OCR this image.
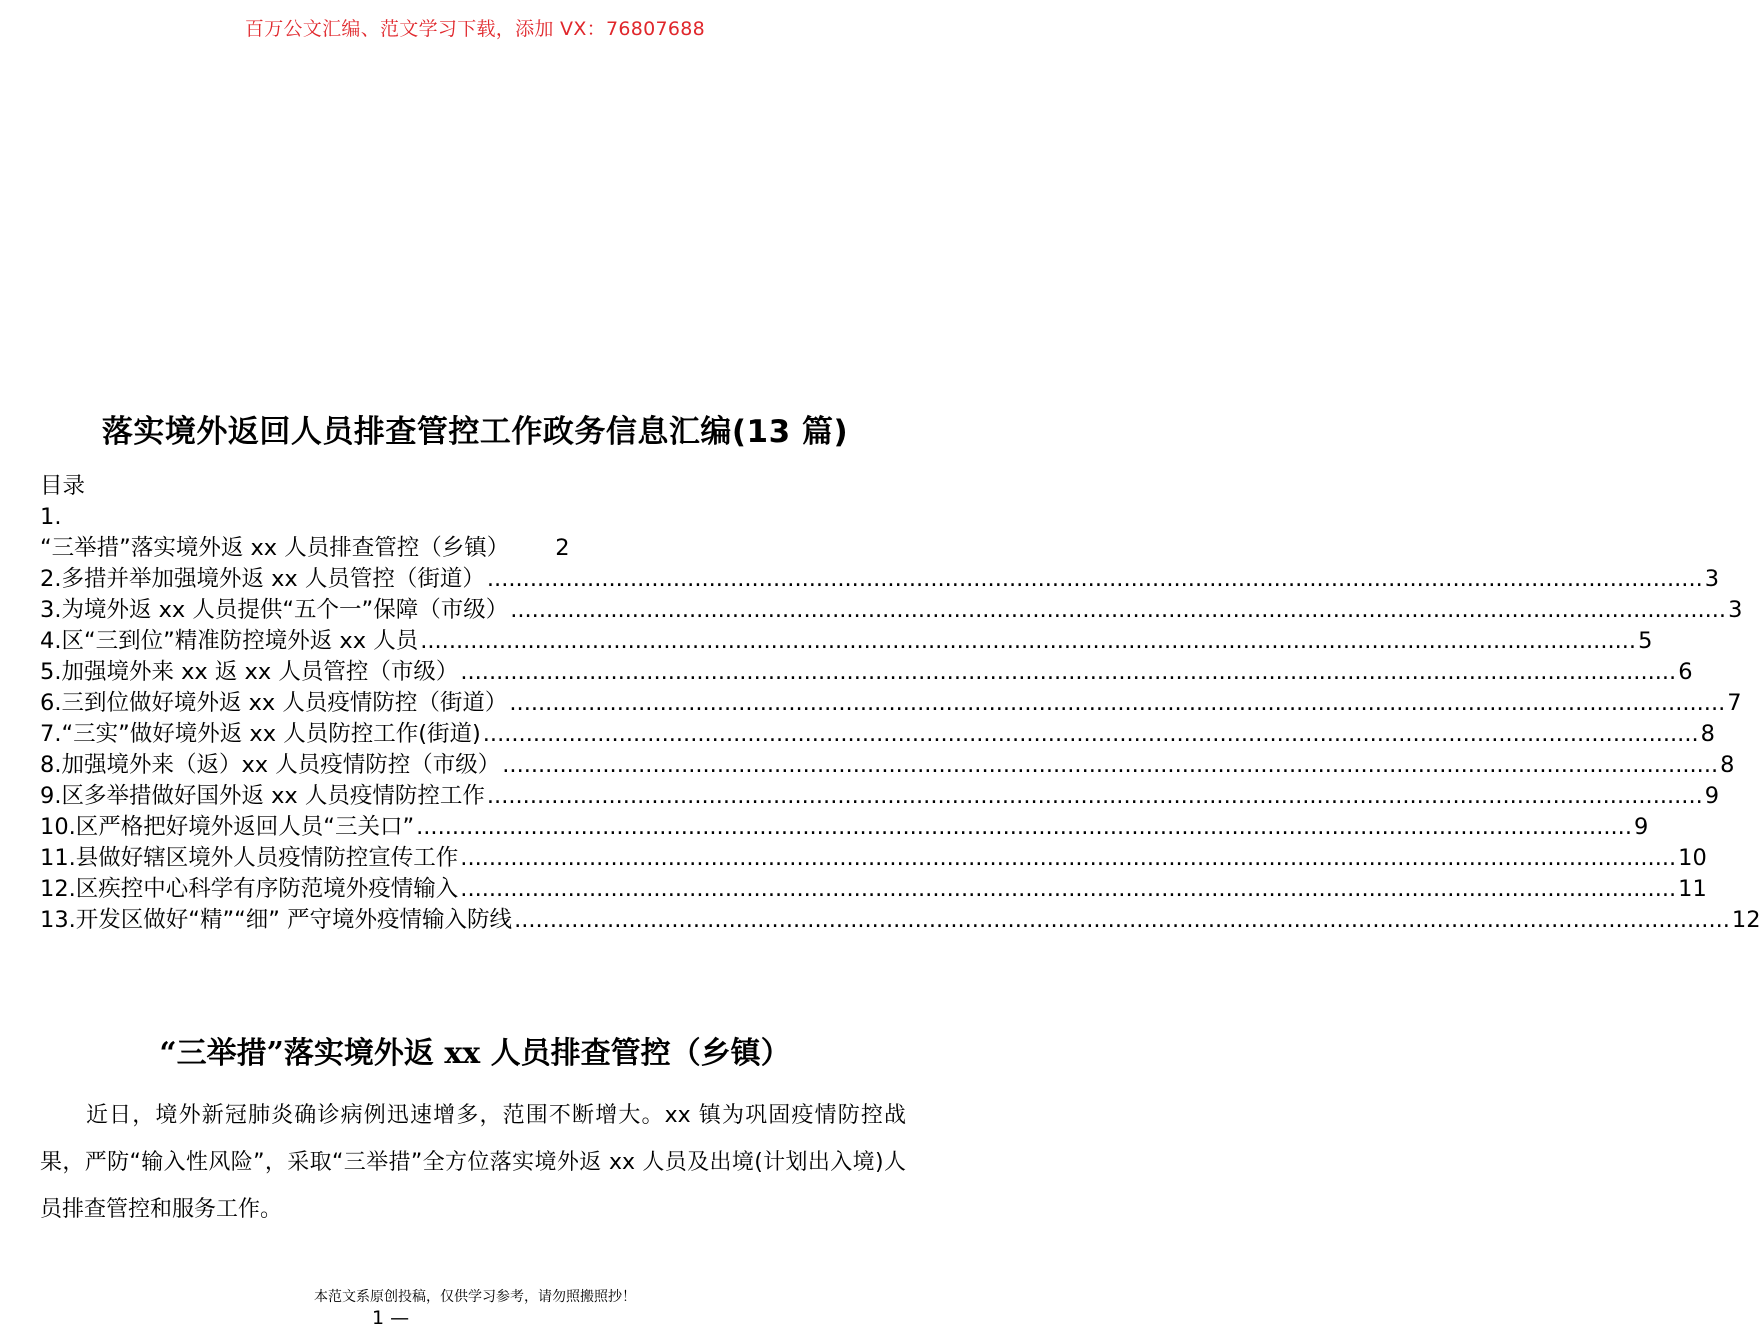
百万公文汇编、范文学习下载，添加 VX：76807688
落实境外返回人员排查管控工作政务信息汇编(13 篇)
目录
1.
“三举措”落实境外返 xx 人员排查管控（乡镇） 2
2.多措并举加强境外返 xx 人员管控（街道） .......................................................................................................................................................................... 3
3.为境外返 xx 人员提供“五个一”保障（市级） .......................................................................................................................................................................... 3
4.区“三到位”精准防控境外返 xx 人员 .......................................................................................................................................................................... 5
5.加强境外来 xx 返 xx 人员管控（市级） .......................................................................................................................................................................... 6
6.三到位做好境外返 xx 人员疫情防控（街道） .......................................................................................................................................................................... 7
7.“三实”做好境外返 xx 人员防控工作(街道) .......................................................................................................................................................................... 8
8.加强境外来（返）xx 人员疫情防控（市级） .......................................................................................................................................................................... 8
9.区多举措做好国外返 xx 人员疫情防控工作 .......................................................................................................................................................................... 9
10.区严格把好境外返回人员“三关口” .......................................................................................................................................................................... 9
11.县做好辖区境外人员疫情防控宣传工作 .......................................................................................................................................................................... 10
12.区疾控中心科学有序防范境外疫情输入 .......................................................................................................................................................................... 11
13.开发区做好“精”“细” 严守境外疫情输入防线 .......................................................................................................................................................................... 12
“三举措”落实境外返 xx 人员排查管控（乡镇）
近日，境外新冠肺炎确诊病例迅速增多，范围不断增大。xx 镇为巩固疫情防控战果，严防“输入性风险”，采取“三举措”全方位落实境外返 xx 人员及出境(计划出入境)人员排查管控和服务工作。
本范文系原创投稿，仅供学习参考，请勿照搬照抄！
1 —
